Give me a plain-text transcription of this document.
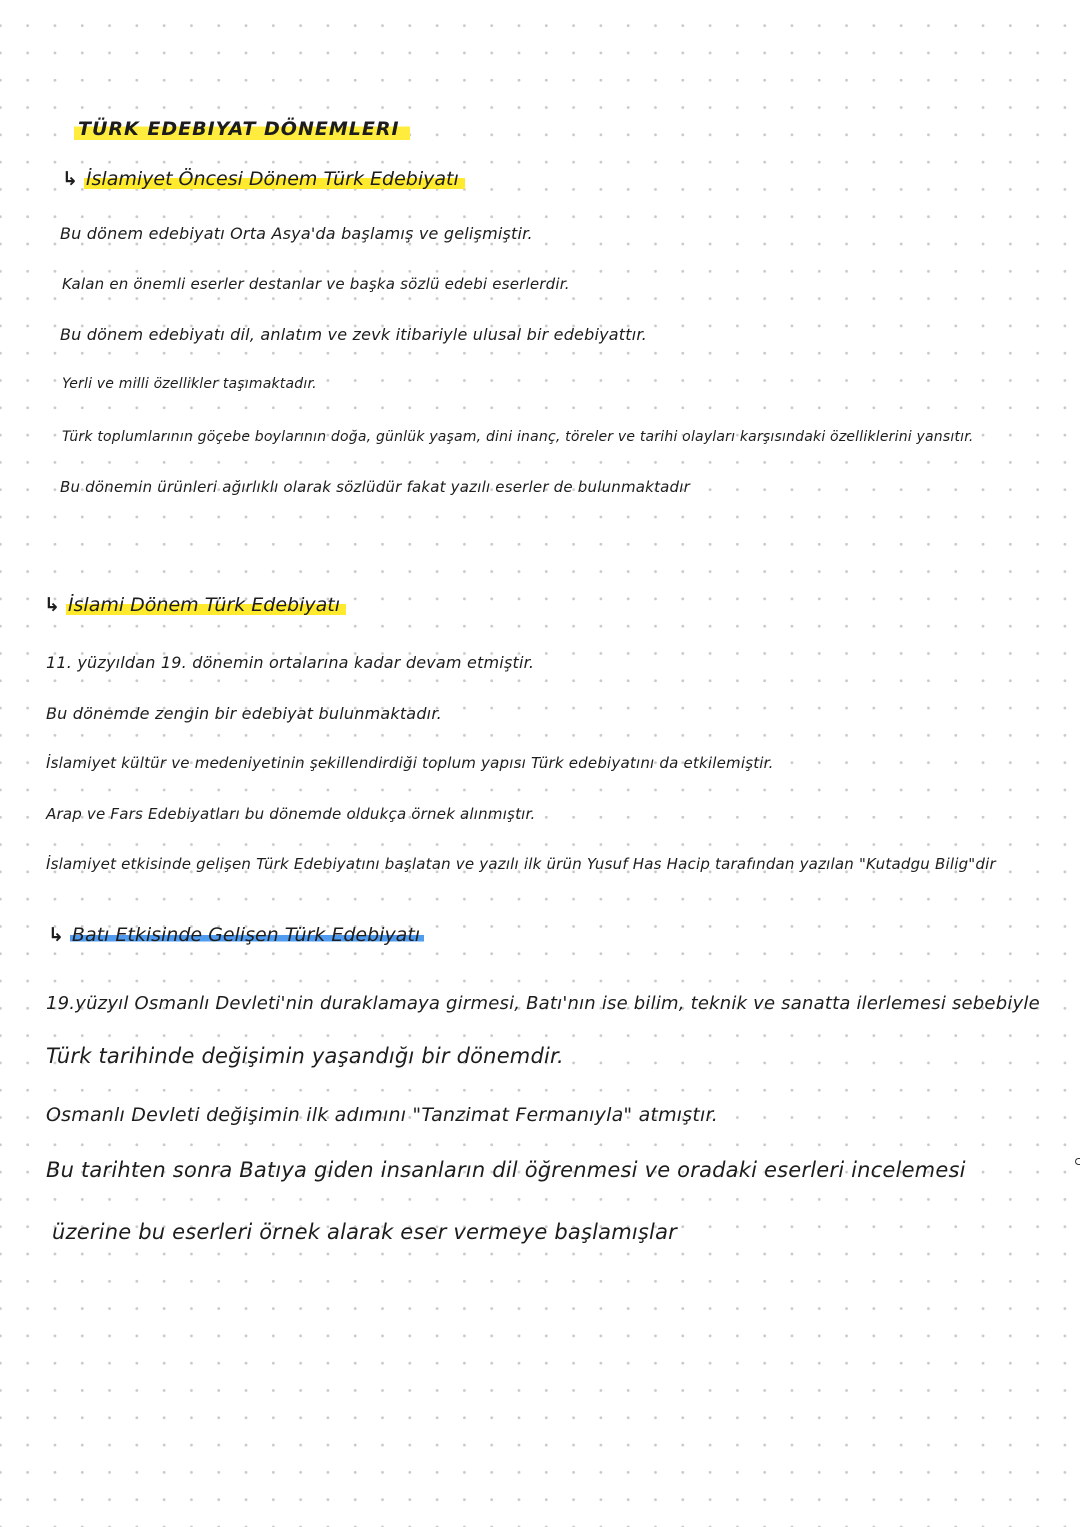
TÜRK EDEBIYAT DÖNEMLERI
↳ İslamiyet Öncesi Dönem Türk Edebiyatı
Bu dönem edebiyatı Orta Asya'da başlamış ve gelişmiştir.
Kalan en önemli eserler destanlar ve başka sözlü edebi eserlerdir.
Bu dönem edebiyatı dil, anlatım ve zevk itibariyle ulusal bir edebiyattır.
Yerli ve milli özellikler taşımaktadır.
Türk toplumlarının göçebe boylarının doğa, günlük yaşam, dini inanç, töreler ve tarihi olayları karşısındaki özelliklerini yansıtır.
Bu dönemin ürünleri ağırlıklı olarak sözlüdür fakat yazılı eserler de bulunmaktadır
↳ İslami Dönem Türk Edebiyatı
11. yüzyıldan 19. dönemin ortalarına kadar devam etmiştir.
Bu dönemde zengin bir edebiyat bulunmaktadır.
İslamiyet kültür ve medeniyetinin şekillendirdiği toplum yapısı Türk edebiyatını da etkilemiştir.
Arap ve Fars Edebiyatları bu dönemde oldukça örnek alınmıştır.
İslamiyet etkisinde gelişen Türk Edebiyatını başlatan ve yazılı ilk ürün Yusuf Has Hacip tarafından yazılan "Kutadgu Bilig"dir
↳ Batı Etkisinde Gelişen Türk Edebiyatı
19.yüzyıl Osmanlı Devleti'nin duraklamaya girmesi, Batı'nın ise bilim, teknik ve sanatta ilerlemesi sebebiyle
Türk tarihinde değişimin yaşandığı bir dönemdir.
Osmanlı Devleti değişimin ilk adımını "Tanzimat Fermanıyla" atmıştır.
Bu tarihten sonra Batıya giden insanların dil öğrenmesi ve oradaki eserleri incelemesi
üzerine bu eserleri örnek alarak eser vermeye başlamışlar
